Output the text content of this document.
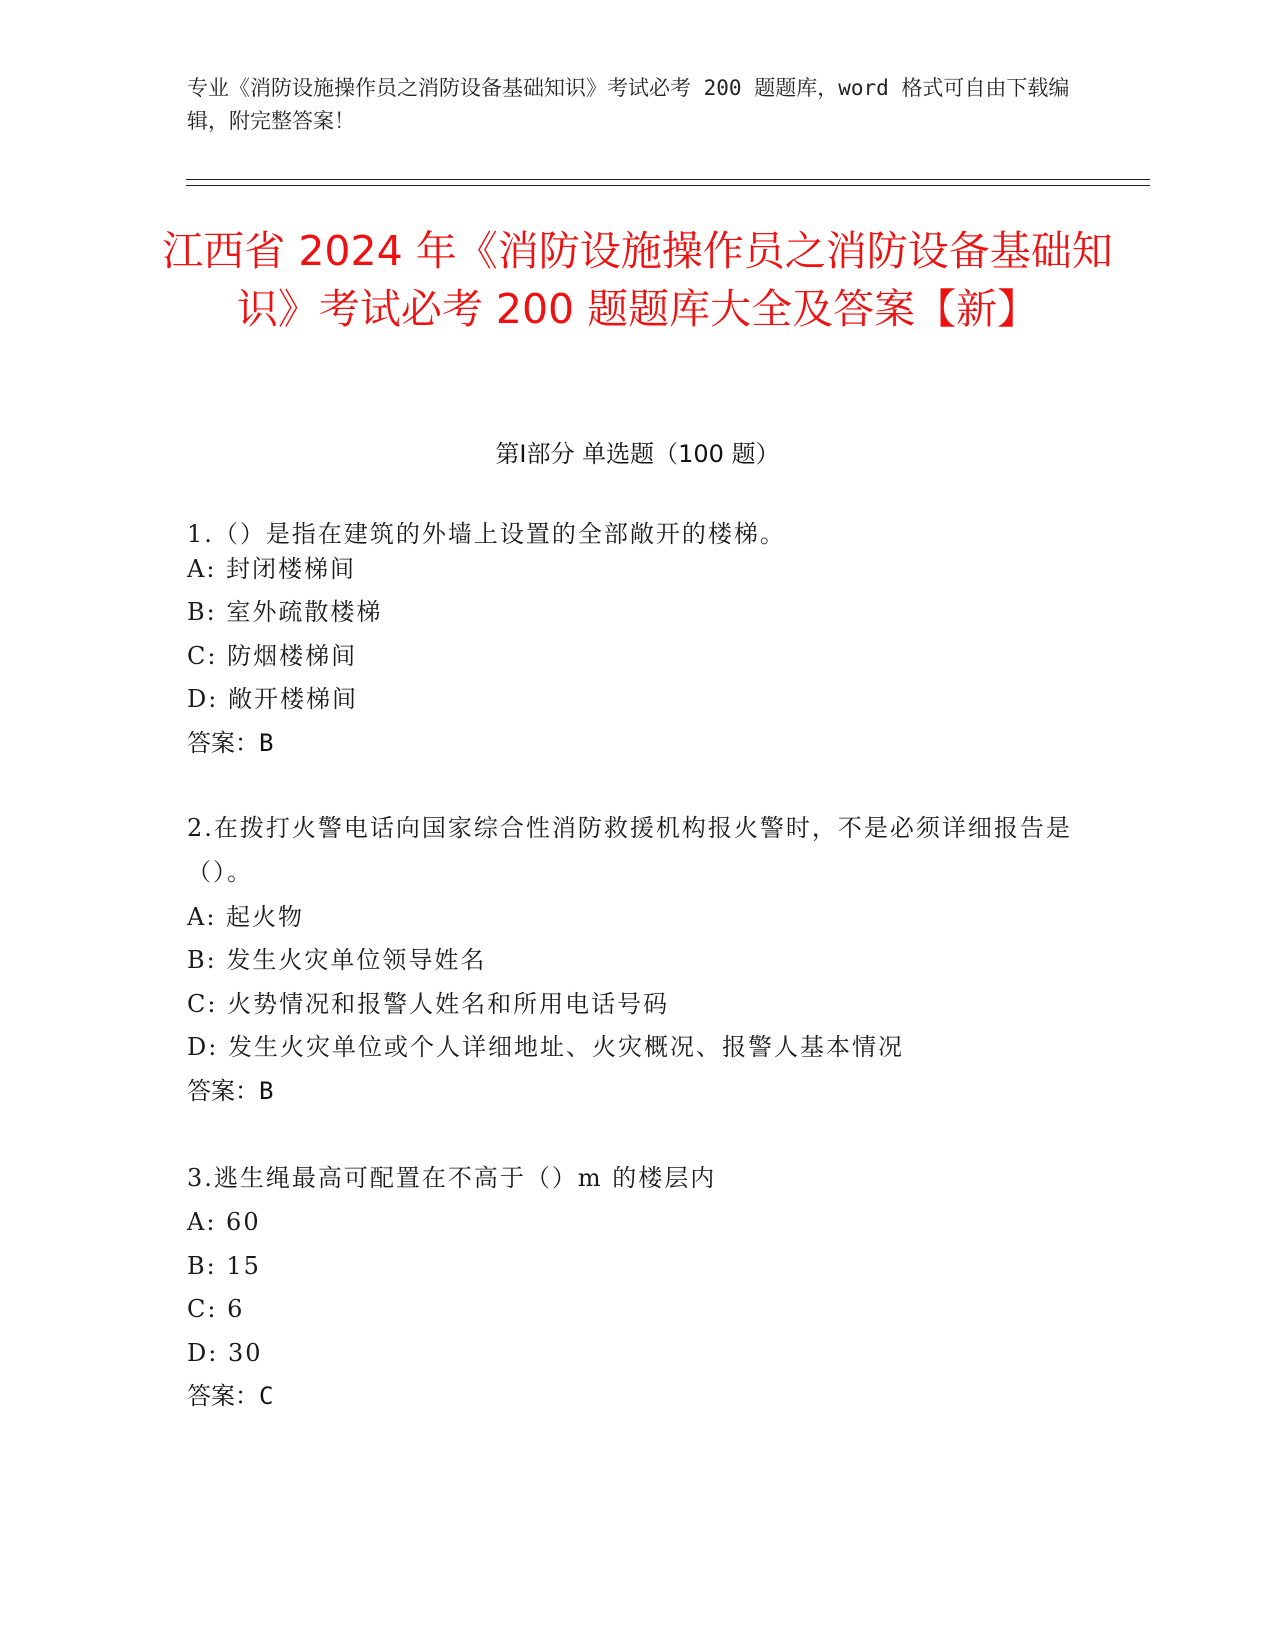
专业《消防设施操作员之消防设备基础知识》考试必考 200 题题库，word 格式可自由下载编辑，附完整答案！
江西省 2024 年《消防设施操作员之消防设备基础知识》考试必考 200 题题库大全及答案【新】
第Ⅰ部分 单选题（100 题）
1.（）是指在建筑的外墙上设置的全部敞开的楼梯。
A: 封闭楼梯间
B: 室外疏散楼梯
C: 防烟楼梯间
D: 敞开楼梯间
答案：B
2.在拨打火警电话向国家综合性消防救援机构报火警时，不是必须详细报告是（）。
A: 起火物
B: 发生火灾单位领导姓名
C: 火势情况和报警人姓名和所用电话号码
D: 发生火灾单位或个人详细地址、火灾概况、报警人基本情况
答案：B
3.逃生绳最高可配置在不高于（）m 的楼层内
A: 60
B: 15
C: 6
D: 30
答案：C
